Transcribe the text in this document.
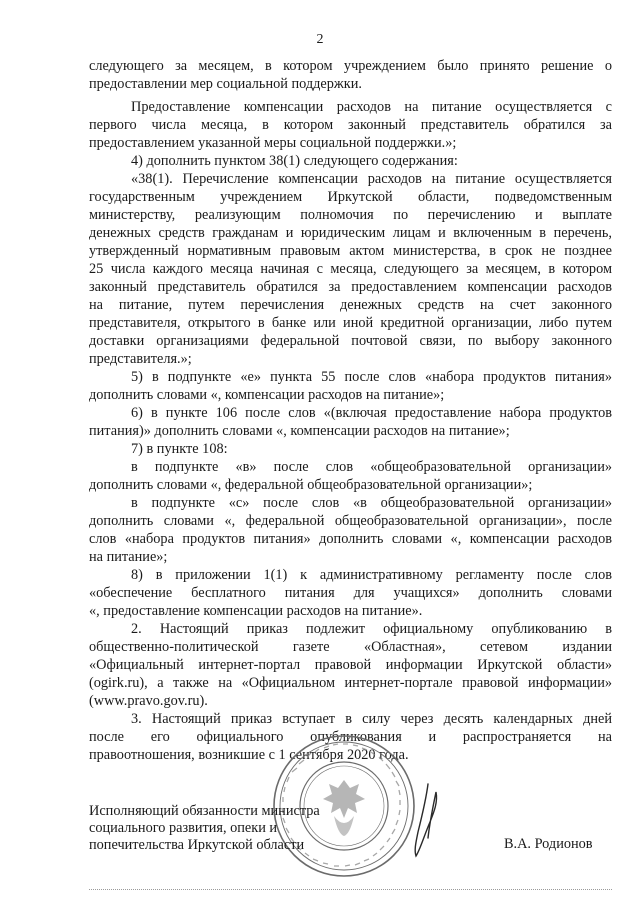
2
следующего за месяцем, в котором учреждением было принято решение о
предоставлении мер социальной поддержки.
Предоставление компенсации расходов на питание осуществляется с
первого числа месяца, в котором законный представитель обратился за
предоставлением указанной меры социальной поддержки.»;
4) дополнить пунктом 38(1) следующего содержания:
«38(1). Перечисление компенсации расходов на питание осуществляется
государственным учреждением Иркутской области, подведомственным
министерству, реализующим полномочия по перечислению и выплате
денежных средств гражданам и юридическим лицам и включенным в перечень,
утвержденный нормативным правовым актом министерства, в срок не позднее
25 числа каждого месяца начиная с месяца, следующего за месяцем, в котором
законный представитель обратился за предоставлением компенсации расходов
на питание, путем перечисления денежных средств на счет законного
представителя, открытого в банке или иной кредитной организации, либо путем
доставки организациями федеральной почтовой связи, по выбору законного
представителя.»;
5) в подпункте «е» пункта 55 после слов «набора продуктов питания»
дополнить словами «, компенсации расходов на питание»;
6) в пункте 106 после слов «(включая предоставление набора продуктов
питания)» дополнить словами «, компенсации расходов на питание»;
7) в пункте 108:
в подпункте «в» после слов «общеобразовательной организации»
дополнить словами «, федеральной общеобразовательной организации»;
в подпункте «с» после слов «в общеобразовательной организации»
дополнить словами «, федеральной общеобразовательной организации», после
слов «набора продуктов питания» дополнить словами «, компенсации расходов
на питание»;
8) в приложении 1(1) к административному регламенту после слов
«обеспечение бесплатного питания для учащихся» дополнить словами
«, предоставление компенсации расходов на питание».
2. Настоящий приказ подлежит официальному опубликованию в
общественно-политической газете «Областная», сетевом издании
«Официальный интернет-портал правовой информации Иркутской области»
(ogirk.ru), а также на «Официальном интернет-портале правовой информации»
(www.pravo.gov.ru).
3. Настоящий приказ вступает в силу через десять календарных дней
после его официального опубликования и распространяется на
правоотношения, возникшие с 1 сентября 2020 года.
Исполняющий обязанности министра
социального развития, опеки и
попечительства Иркутской области	В.А. Родионов
